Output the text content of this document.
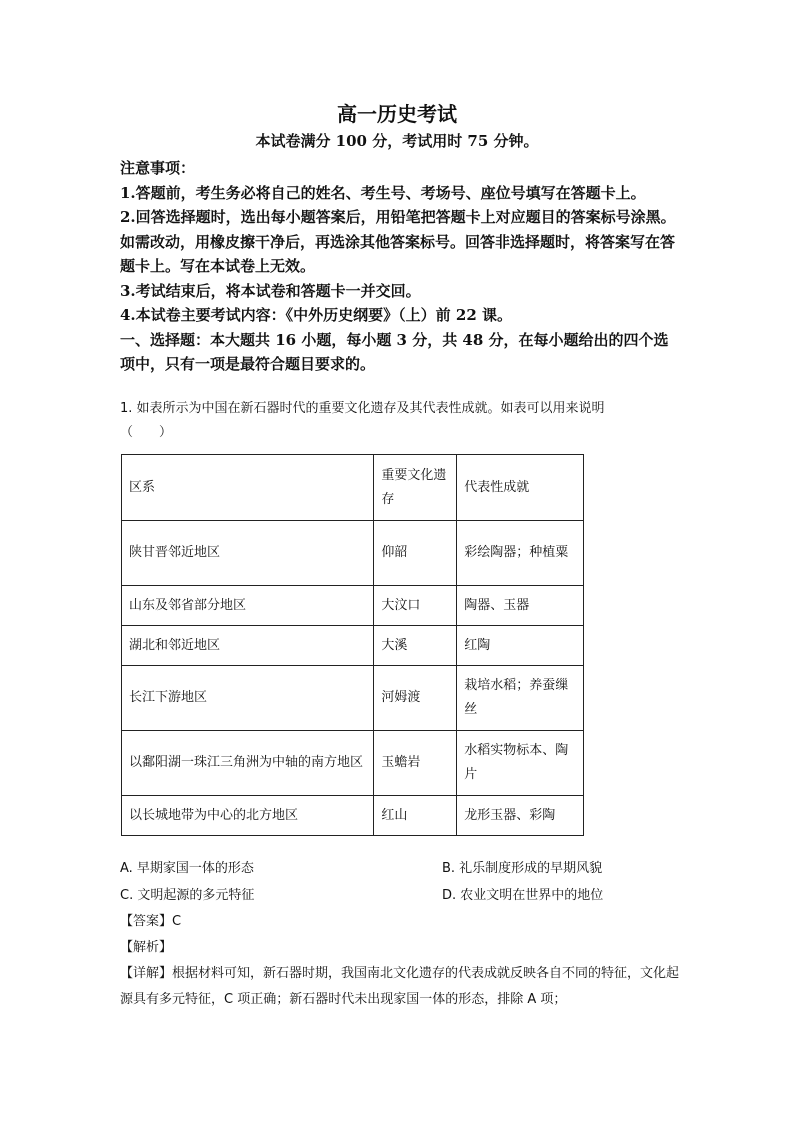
高一历史考试
本试卷满分 100 分，考试用时 75 分钟。

注意事项：

1.答题前，考生务必将自己的姓名、考生号、考场号、座位号填写在答题卡上。

2.回答选择题时，选出每小题答案后，用铅笔把答题卡上对应题目的答案标号涂黑。如需改动，用橡皮擦干净后，再选涂其他答案标号。回答非选择题时，将答案写在答题卡上。写在本试卷上无效。

3.考试结束后，将本试卷和答题卡一并交回。

4.本试卷主要考试内容：《中外历史纲要》（上）前 22 课。

一、选择题：本大题共 16 小题，每小题 3 分，共 48 分，在每小题给出的四个选项中，只有一项是最符合题目要求的。

1. 如表所示为中国在新石器时代的重要文化遗存及其代表性成就。如表可以用来说明

（　　）

区系	重要文化遗存	代表性成就
陕甘晋邻近地区	仰韶	彩绘陶器；种植粟
山东及邻省部分地区	大汶口	陶器、玉器
湖北和邻近地区	大溪	红陶
长江下游地区	河姆渡	栽培水稻；养蚕缫丝
以鄱阳湖一珠江三角洲为中轴的南方地区	玉蟾岩	水稻实物标本、陶片
以长城地带为中心的北方地区	红山	龙形玉器、彩陶
A. 早期家国一体的形态	B. 礼乐制度形成的早期风貌
C. 文明起源的多元特征	D. 农业文明在世界中的地位
【答案】C
【解析】
【详解】根据材料可知，新石器时期，我国南北文化遗存的代表成就反映各自不同的特征，文化起源具有多元特征，C 项正确；新石器时代未出现家国一体的形态，排除 A 项；
